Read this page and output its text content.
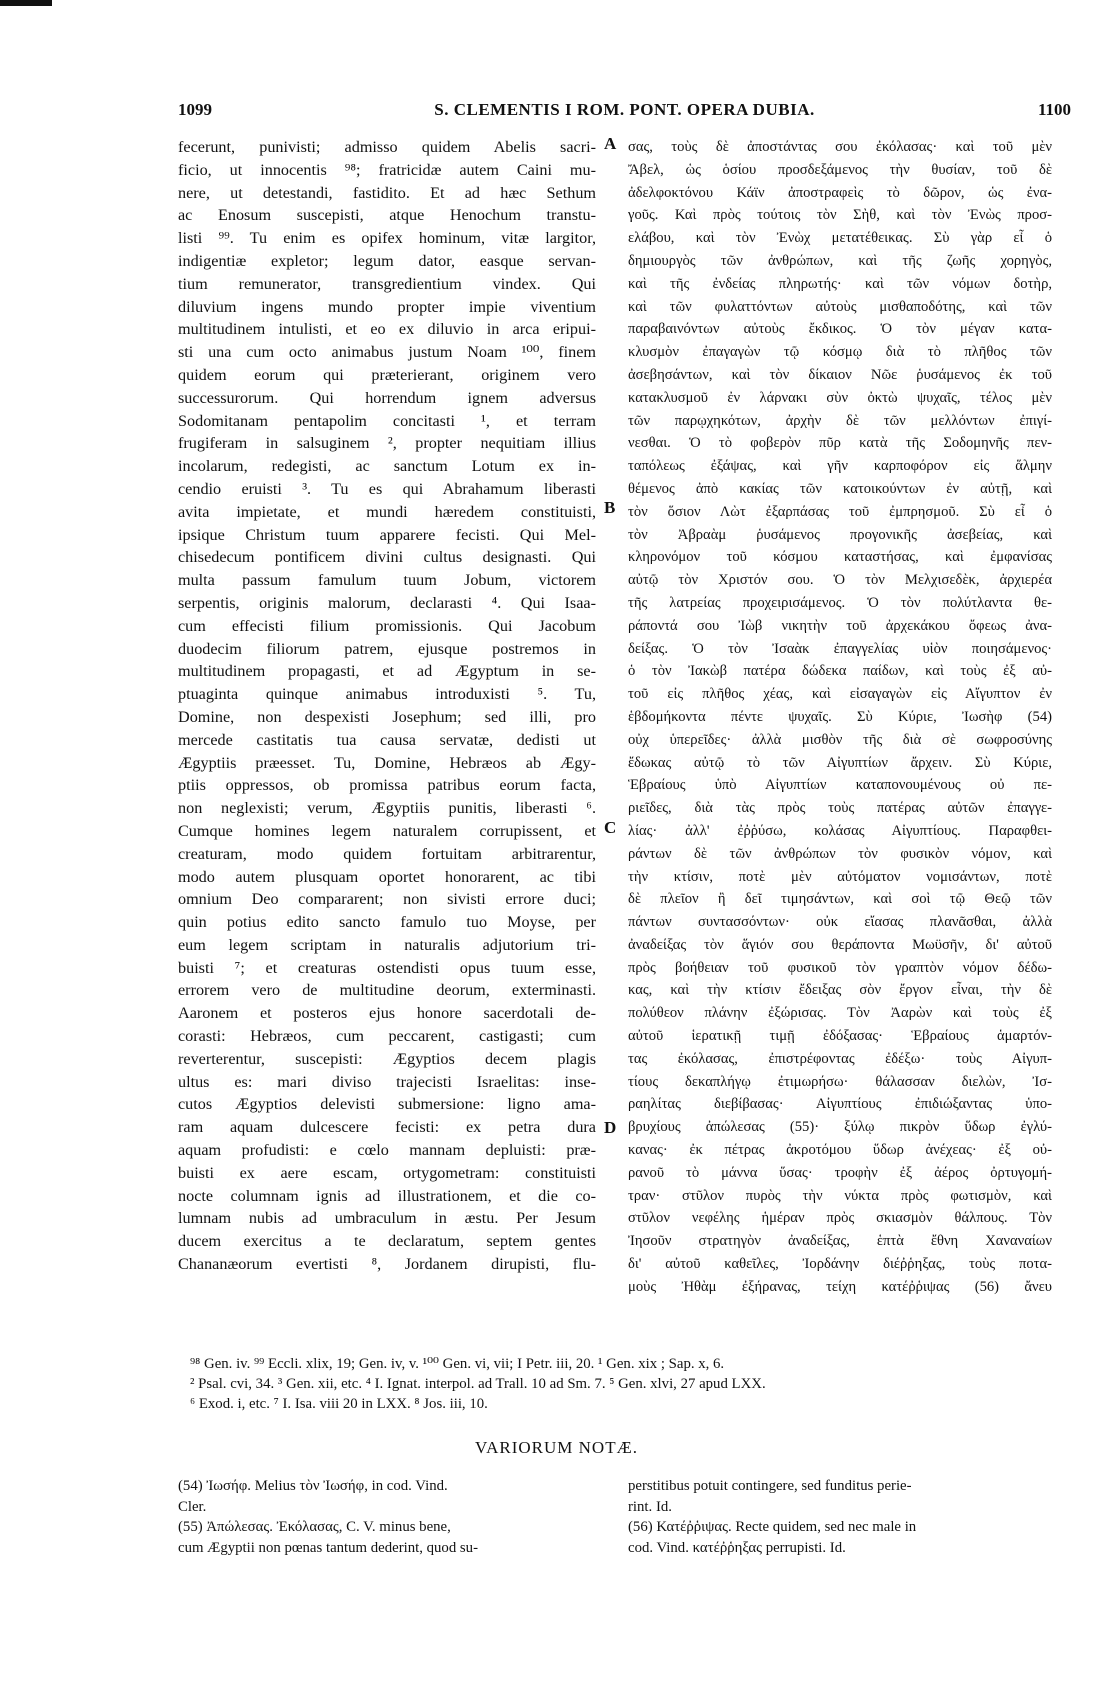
1099	S. CLEMENTIS I ROM. PONT. OPERA DUBIA.	1100
fecerunt, punivisti; admisso quidem Abelis sacri-
ficio, ut innocentis ⁹⁸; fratricidæ autem Caini mu-
nere, ut detestandi, fastidito. Et ad hæc Sethum
ac Enosum suscepisti, atque Henochum transtu-
listi ⁹⁹. Tu enim es opifex hominum, vitæ largitor,
indigentiæ expletor; legum dator, easque servan-
tium remunerator, transgredientium vindex. Qui
diluvium ingens mundo propter impie viventium
multitudinem intulisti, et eo ex diluvio in arca eripui-
sti una cum octo animabus justum Noam ¹⁰⁰, finem
quidem eorum qui præterierant, originem vero
successurorum. Qui horrendum ignem adversus
Sodomitanam pentapolim concitasti ¹, et terram
frugiferam in salsuginem ², propter nequitiam illius
incolarum, redegisti, ac sanctum Lotum ex in-
cendio eruisti ³. Tu es qui Abrahamum liberasti
avita impietate, et mundi hæredem constituisti,
ipsique Christum tuum apparere fecisti. Qui Mel-
chisedecum pontificem divini cultus designasti. Qui
multa passum famulum tuum Jobum, victorem
serpentis, originis malorum, declarasti ⁴. Qui Isaa-
cum effecisti filium promissionis. Qui Jacobum
duodecim filiorum patrem, ejusque postremos in
multitudinem propagasti, et ad Ægyptum in se-
ptuaginta quinque animabus introduxisti ⁵. Tu,
Domine, non despexisti Josephum; sed illi, pro
mercede castitatis tua causa servatæ, dedisti ut
Ægyptiis præesset. Tu, Domine, Hebræos ab Ægy-
ptiis oppressos, ob promissa patribus eorum facta,
non neglexisti; verum, Ægyptiis punitis, liberasti ⁶.
Cumque homines legem naturalem corrupissent, et
creaturam, modo quidem fortuitam arbitrarentur,
modo autem plusquam oportet honorarent, ac tibi
omnium Deo compararent; non sivisti errore duci;
quin potius edito sancto famulo tuo Moyse, per
eum legem scriptam in naturalis adjutorium tri-
buisti ⁷; et creaturas ostendisti opus tuum esse,
errorem vero de multitudine deorum, exterminasti.
Aaronem et posteros ejus honore sacerdotali de-
corasti: Hebræos, cum peccarent, castigasti; cum
reverterentur, suscepisti: Ægyptios decem plagis
ultus es: mari diviso trajecisti Israelitas: inse-
cutos Ægyptios delevisti submersione: ligno ama-
ram aquam dulcescere fecisti: ex petra dura
aquam profudisti: e cœlo mannam depluisti: præ-
buisti ex aere escam, ortygometram: constituisti
nocte columnam ignis ad illustrationem, et die co-
lumnam nubis ad umbraculum in æstu. Per Jesum
ducem exercitus a te declaratum, septem gentes
Chananæorum evertisti ⁸, Jordanem dirupisti, flu-
σας, τοὺς δὲ ἀποστάντας σου ἐκόλασας· καὶ τοῦ μὲν
Ἄβελ, ὡς ὁσίου προσδεξάμενος τὴν θυσίαν, τοῦ δὲ
ἀδελφοκτόνου Κάϊν ἀποστραφεὶς τὸ δῶρον, ὡς ἐνα-
γοῦς. Καὶ πρὸς τούτοις τὸν Σὴθ, καὶ τὸν Ἐνὼς προσ-
ελάβου, καὶ τὸν Ἐνὼχ μετατέθεικας. Σὺ γὰρ εἶ ὁ
δημιουργὸς τῶν ἀνθρώπων, καὶ τῆς ζωῆς χορηγὸς,
καὶ τῆς ἐνδείας πληρωτής· καὶ τῶν νόμων δοτὴρ,
καὶ τῶν φυλαττόντων αὐτοὺς μισθαποδότης, καὶ τῶν
παραβαινόντων αὐτοὺς ἔκδικος. Ὁ τὸν μέγαν κατα-
κλυσμὸν ἐπαγαγὼν τῷ κόσμῳ διὰ τὸ πλῆθος τῶν
ἀσεβησάντων, καὶ τὸν δίκαιον Νῶε ῥυσάμενος ἐκ τοῦ
κατακλυσμοῦ ἐν λάρνακι σὺν ὀκτὼ ψυχαῖς, τέλος μὲν
τῶν παρῳχηκότων, ἀρχὴν δὲ τῶν μελλόντων ἐπιγί-
νεσθαι. Ὁ τὸ φοβερὸν πῦρ κατὰ τῆς Σοδομηνῆς πεν-
ταπόλεως ἐξάψας, καὶ γῆν καρποφόρον εἰς ἅλμην
θέμενος ἀπὸ κακίας τῶν κατοικούντων ἐν αὐτῇ, καὶ
τὸν ὅσιον Λὼτ ἐξαρπάσας τοῦ ἐμπρησμοῦ. Σὺ εἶ ὁ
τὸν Ἀβραὰμ ῥυσάμενος προγονικῆς ἀσεβείας, καὶ
κληρονόμον τοῦ κόσμου καταστήσας, καὶ ἐμφανίσας
αὐτῷ τὸν Χριστόν σου. Ὁ τὸν Μελχισεδὲκ, ἀρχιερέα
τῆς λατρείας προχειρισάμενος. Ὁ τὸν πολύτλαντα θε-
ράποντά σου Ἰὼβ νικητὴν τοῦ ἀρχεκάκου ὄφεως ἀνα-
δείξας. Ὁ τὸν Ἰσαὰκ ἐπαγγελίας υἱὸν ποιησάμενος·
ὁ τὸν Ἰακὼβ πατέρα δώδεκα παίδων, καὶ τοὺς ἐξ αὐ-
τοῦ εἰς πλῆθος χέας, καὶ εἰσαγαγὼν εἰς Αἴγυπτον ἐν
ἑβδομήκοντα πέντε ψυχαῖς. Σὺ Κύριε, Ἰωσὴφ (54)
οὐχ ὑπερεῖδες· ἀλλὰ μισθὸν τῆς διὰ σὲ σωφροσύνης
ἔδωκας αὐτῷ τὸ τῶν Αἰγυπτίων ἄρχειν. Σὺ Κύριε,
Ἑβραίους ὑπὸ Αἰγυπτίων καταπονουμένους οὐ πε-
ριεῖδες, διὰ τὰς πρὸς τοὺς πατέρας αὐτῶν ἐπαγγε-
λίας· ἀλλ' ἐῤῥύσω, κολάσας Αἰγυπτίους. Παραφθει-
ράντων δὲ τῶν ἀνθρώπων τὸν φυσικὸν νόμον, καὶ
τὴν κτίσιν, ποτὲ μὲν αὐτόματον νομισάντων, ποτὲ
δὲ πλεῖον ἢ δεῖ τιμησάντων, καὶ σοὶ τῷ Θεῷ τῶν
πάντων συντασσόντων· οὐκ εἴασας πλανᾶσθαι, ἀλλὰ
ἀναδείξας τὸν ἅγιόν σου θεράποντα Μωϋσῆν, δι' αὐτοῦ
πρὸς βοήθειαν τοῦ φυσικοῦ τὸν γραπτὸν νόμον δέδω-
κας, καὶ τὴν κτίσιν ἔδειξας σὸν ἔργον εἶναι, τὴν δὲ
πολύθεον πλάνην ἐξώρισας. Τὸν Ἀαρὼν καὶ τοὺς ἐξ
αὐτοῦ ἱερατικῇ τιμῇ ἐδόξασας· Ἑβραίους ἁμαρτόν-
τας ἐκόλασας, ἐπιστρέφοντας ἐδέξω· τοὺς Αἰγυπ-
τίους δεκαπλήγῳ ἐτιμωρήσω· θάλασσαν διελὼν, Ἰσ-
ραηλίτας διεβίβασας· Αἰγυπτίους ἐπιδιώξαντας ὑπο-
βρυχίους ἀπώλεσας (55)· ξύλῳ πικρὸν ὕδωρ ἐγλύ-
κανας· ἐκ πέτρας ἀκροτόμου ὕδωρ ἀνέχεας· ἐξ οὐ-
ρανοῦ τὸ μάννα ὕσας· τροφὴν ἐξ ἀέρος ὀρτυγομή-
τραν· στῦλον πυρὸς τὴν νύκτα πρὸς φωτισμὸν, καὶ
στῦλον νεφέλης ἡμέραν πρὸς σκιασμὸν θάλπους. Τὸν
Ἰησοῦν στρατηγὸν ἀναδείξας, ἑπτὰ ἔθνη Χαναναίων
δι' αὐτοῦ καθεῖλες, Ἰορδάνην διέῤῥηξας, τοὺς ποτα-
μοὺς Ἠθὰμ ἐξήρανας, τείχη κατέῤῥιψας (56) ἄνευ
A
B
C
D
⁹⁸ Gen. iv. ⁹⁹ Eccli. xlix, 19; Gen. iv, v. ¹⁰⁰ Gen. vi, vii; I Petr. iii, 20. ¹ Gen. xix ; Sap. x, 6.
² Psal. cvi, 34. ³ Gen. xii, etc. ⁴ I. Ignat. interpol. ad Trall. 10 ad Sm. 7. ⁵ Gen. xlvi, 27 apud LXX.
⁶ Exod. i, etc. ⁷ I. Isa. viii 20 in LXX. ⁸ Jos. iii, 10.
VARIORUM NOTÆ.
(54) Ἰωσήφ. Melius τὸν Ἰωσήφ, in cod. Vind.
Cler.
(55) Ἀπώλεσας. Ἐκόλασας, C. V. minus bene,
cum Ægyptii non pœnas tantum dederint, quod su-
perstitibus potuit contingere, sed funditus perie-
rint. Id.
(56) Κατέῤῥιψας. Recte quidem, sed nec male in
cod. Vind. κατέῤῥηξας perrupisti. Id.
